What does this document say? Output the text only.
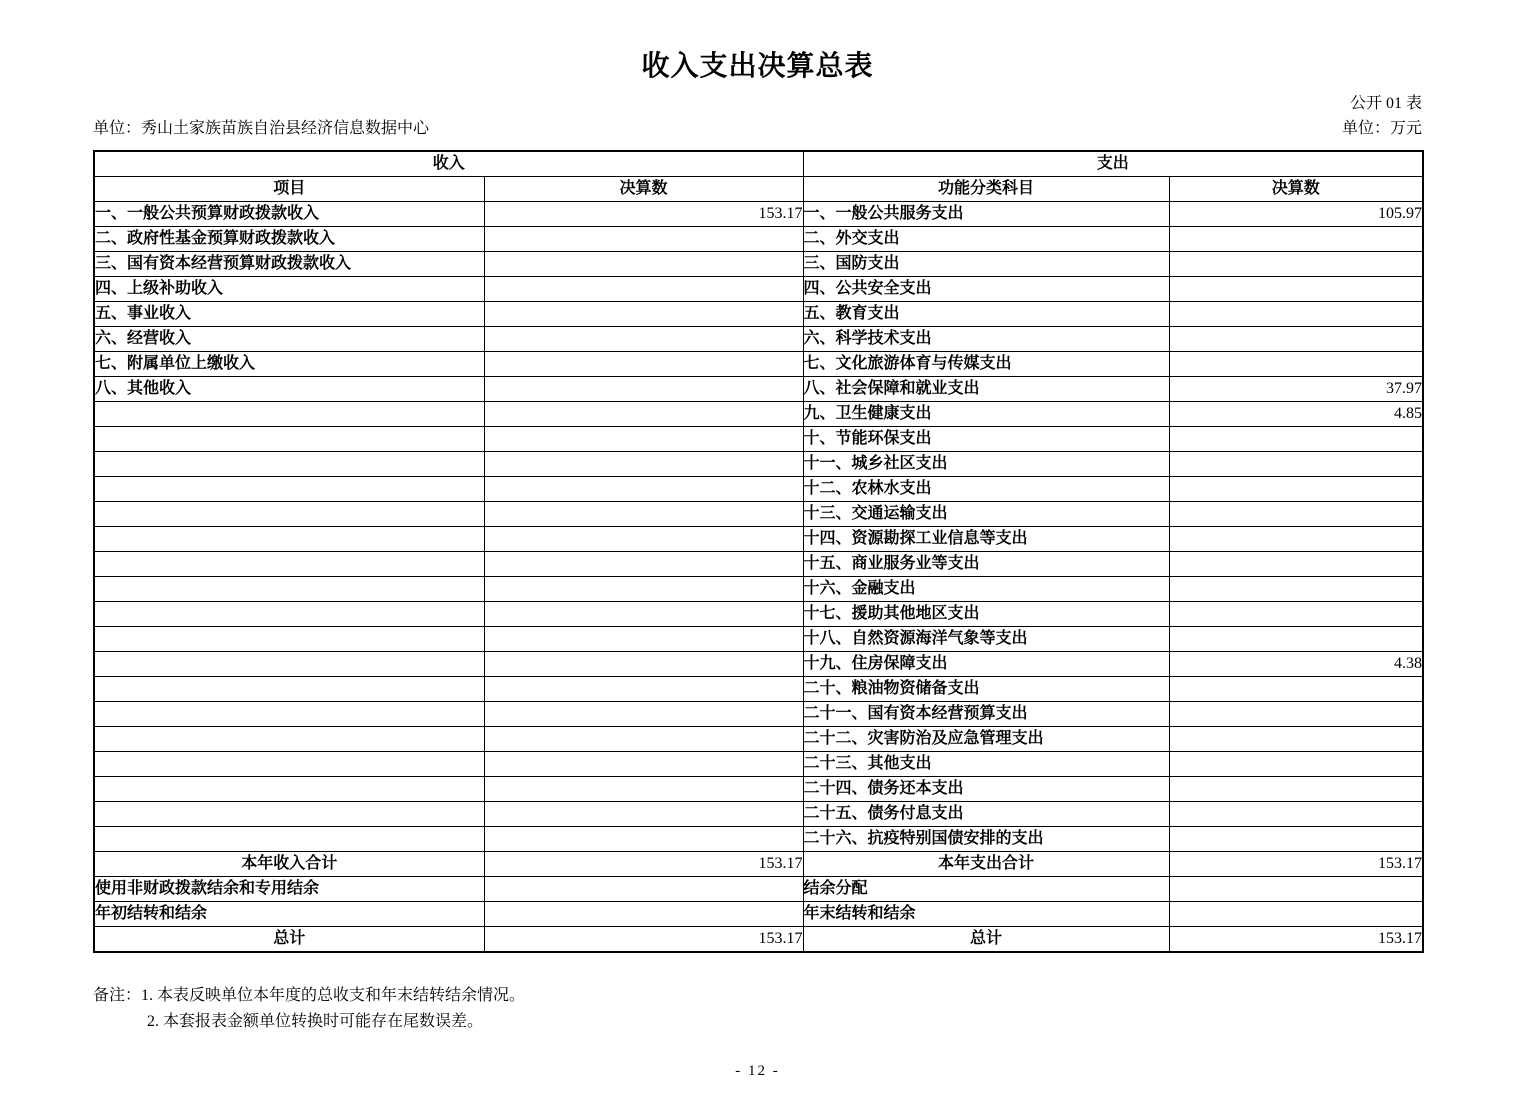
收入支出决算总表
公开 01 表
单位：秀山土家族苗族自治县经济信息数据中心	单位：万元
收入		支出	
项目	决算数	功能分类科目	决算数
一、一般公共预算财政拨款收入	153.17	一、一般公共服务支出	105.97
二、政府性基金预算财政拨款收入		二、外交支出	
三、国有资本经营预算财政拨款收入		三、国防支出	
四、上级补助收入		四、公共安全支出	
五、事业收入		五、教育支出	
六、经营收入		六、科学技术支出	
七、附属单位上缴收入		七、文化旅游体育与传媒支出	
八、其他收入		八、社会保障和就业支出	37.97
		九、卫生健康支出	4.85
		十、节能环保支出	
		十一、城乡社区支出	
		十二、农林水支出	
		十三、交通运输支出	
		十四、资源勘探工业信息等支出	
		十五、商业服务业等支出	
		十六、金融支出	
		十七、援助其他地区支出	
		十八、自然资源海洋气象等支出	
		十九、住房保障支出	4.38
		二十、粮油物资储备支出	
		二十一、国有资本经营预算支出	
		二十二、灾害防治及应急管理支出	
		二十三、其他支出	
		二十四、债务还本支出	
		二十五、债务付息支出	
		二十六、抗疫特别国债安排的支出	
本年收入合计	153.17	本年支出合计	153.17
使用非财政拨款结余和专用结余		结余分配	
年初结转和结余		年末结转和结余	
总计	153.17	总计	153.17
备注：1. 本表反映单位本年度的总收支和年末结转结余情况。
2. 本套报表金额单位转换时可能存在尾数误差。
- 12 -
